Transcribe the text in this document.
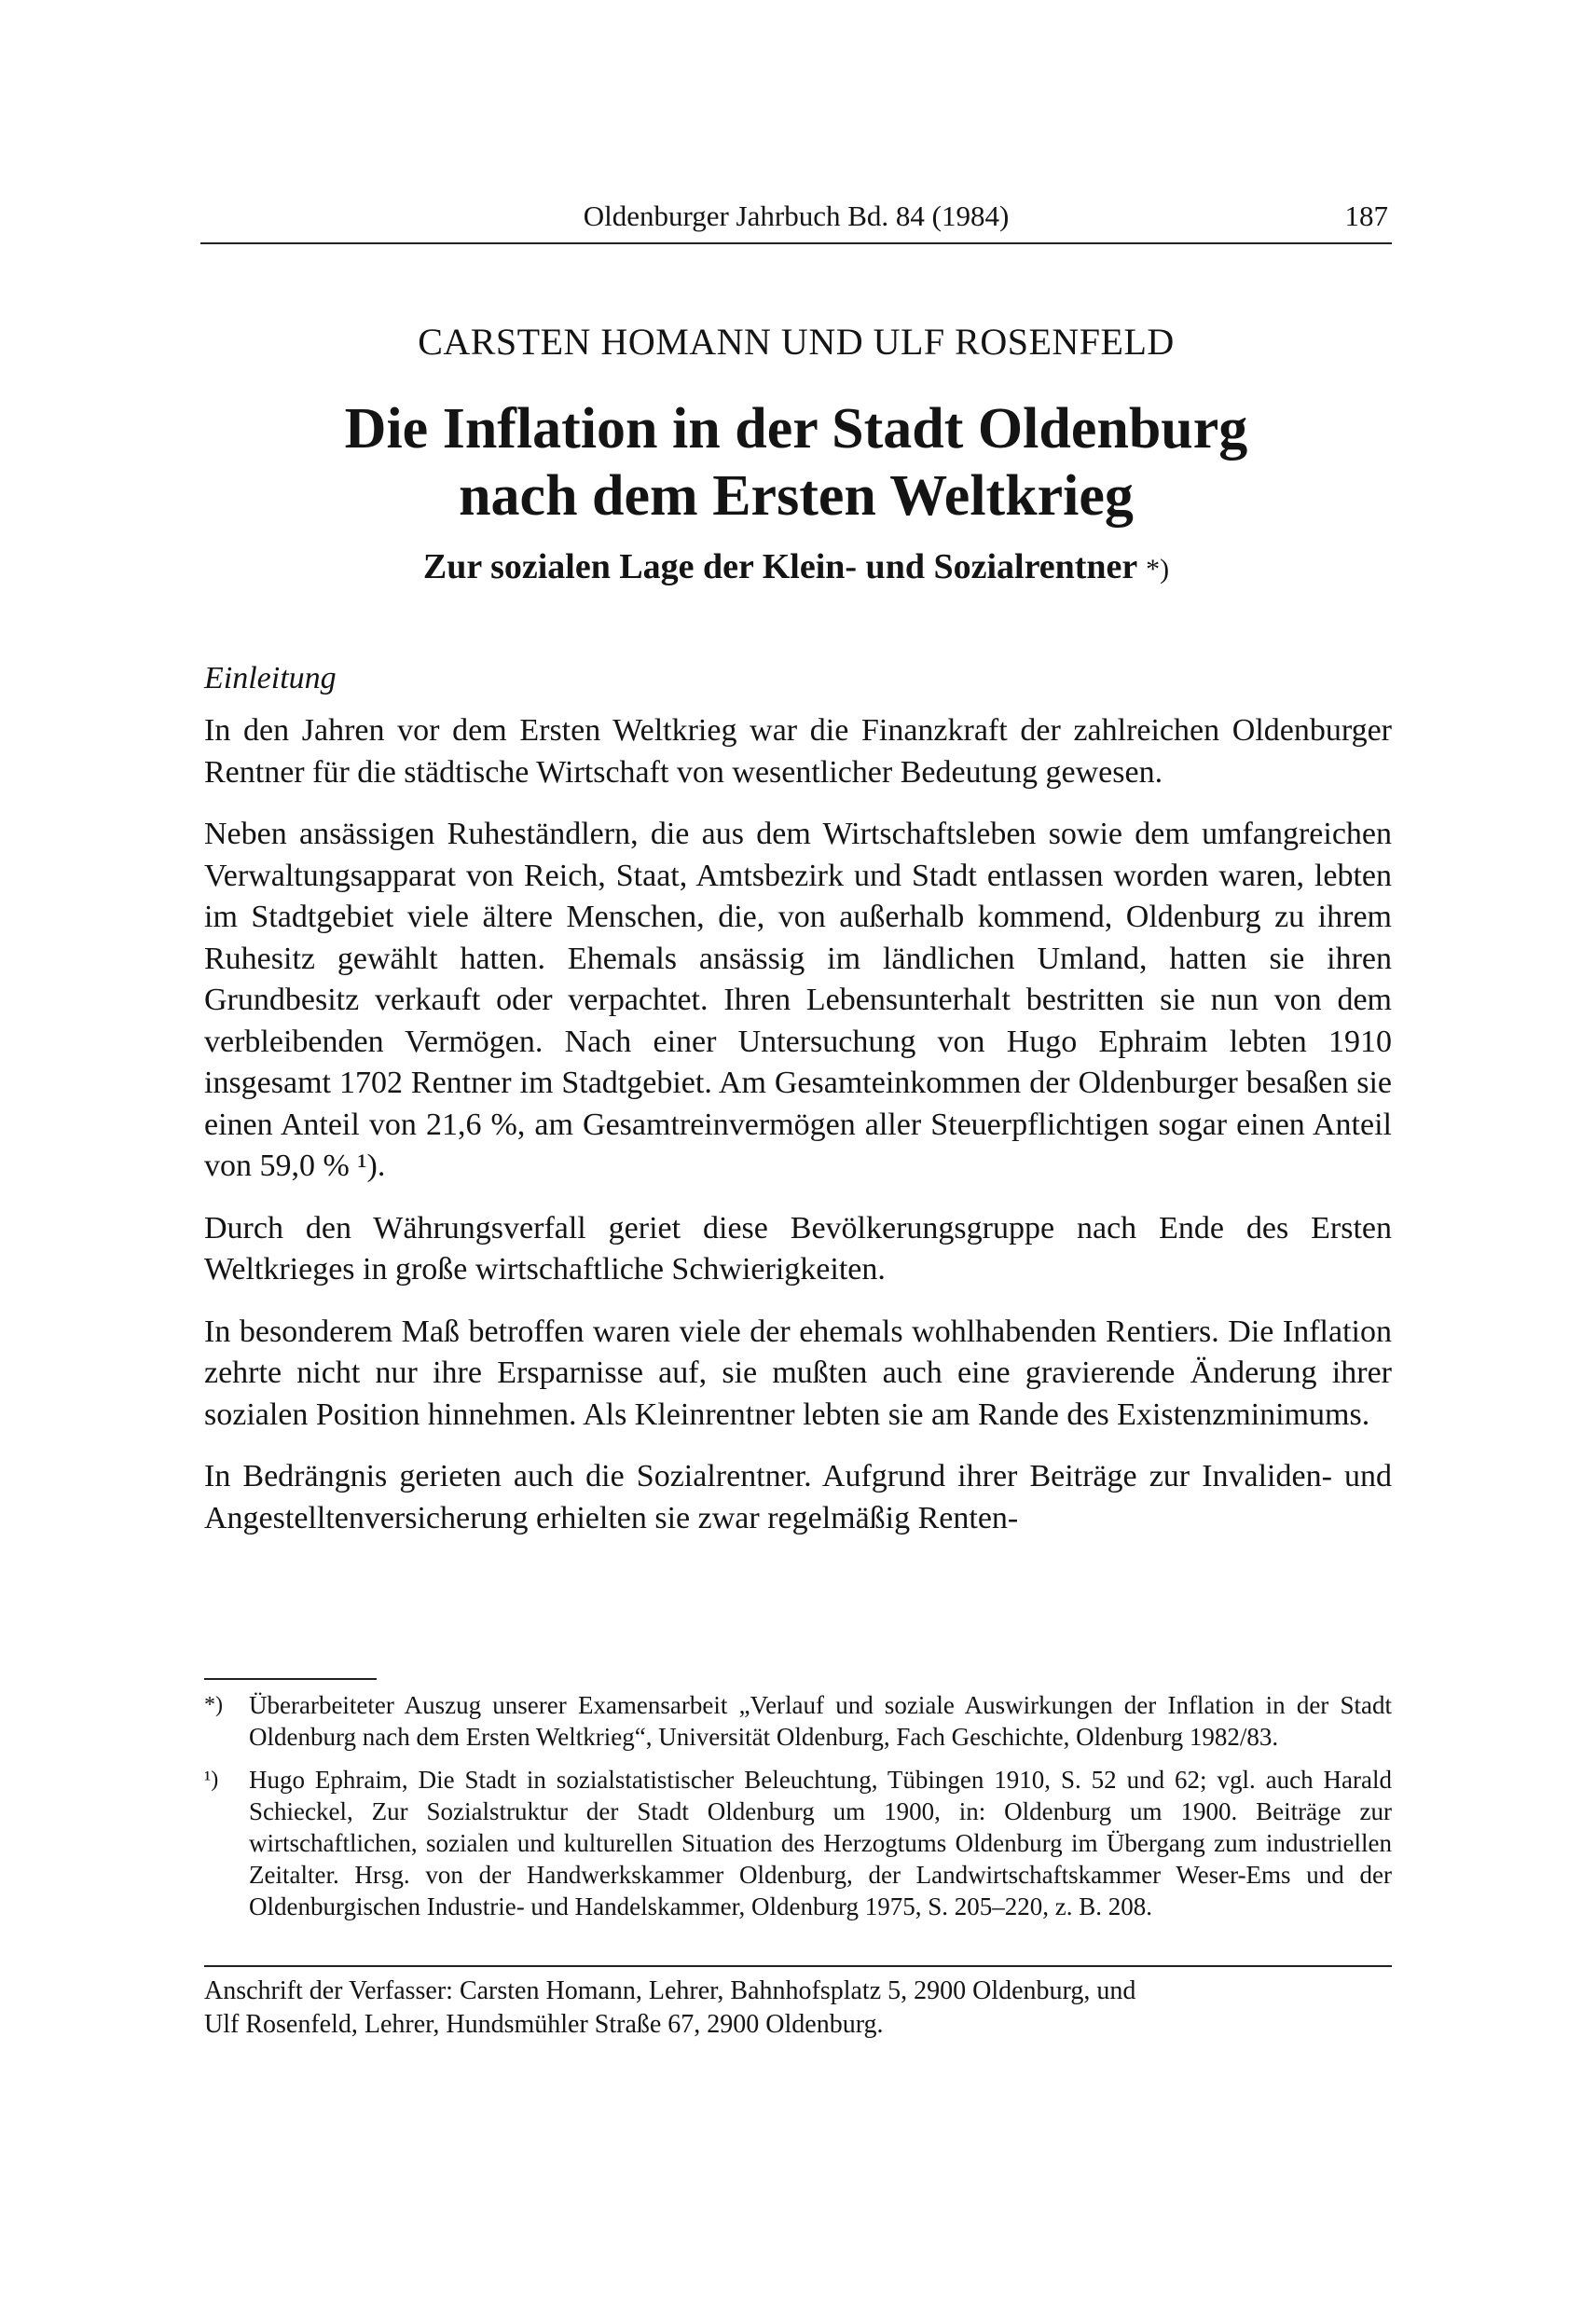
Oldenburger Jahrbuch Bd. 84 (1984)	187
CARSTEN HOMANN UND ULF ROSENFELD
Die Inflation in der Stadt Oldenburg
nach dem Ersten Weltkrieg
Zur sozialen Lage der Klein- und Sozialrentner *)
Einleitung

In den Jahren vor dem Ersten Weltkrieg war die Finanzkraft der zahlreichen Oldenburger Rentner für die städtische Wirtschaft von wesentlicher Bedeutung gewesen.

Neben ansässigen Ruheständlern, die aus dem Wirtschaftsleben sowie dem umfangreichen Verwaltungsapparat von Reich, Staat, Amtsbezirk und Stadt entlassen worden waren, lebten im Stadtgebiet viele ältere Menschen, die, von außerhalb kommend, Oldenburg zu ihrem Ruhesitz gewählt hatten. Ehemals ansässig im ländlichen Umland, hatten sie ihren Grundbesitz verkauft oder verpachtet. Ihren Lebensunterhalt bestritten sie nun von dem verbleibenden Vermögen. Nach einer Untersuchung von Hugo Ephraim lebten 1910 insgesamt 1702 Rentner im Stadtgebiet. Am Gesamteinkommen der Oldenburger besaßen sie einen Anteil von 21,6 %, am Gesamtreinvermögen aller Steuerpflichtigen sogar einen Anteil von 59,0 % ¹).

Durch den Währungsverfall geriet diese Bevölkerungsgruppe nach Ende des Ersten Weltkrieges in große wirtschaftliche Schwierigkeiten.

In besonderem Maß betroffen waren viele der ehemals wohlhabenden Rentiers. Die Inflation zehrte nicht nur ihre Ersparnisse auf, sie mußten auch eine gravierende Änderung ihrer sozialen Position hinnehmen. Als Kleinrentner lebten sie am Rande des Existenzminimums.

In Bedrängnis gerieten auch die Sozialrentner. Aufgrund ihrer Beiträge zur Invaliden- und Angestelltenversicherung erhielten sie zwar regelmäßig Renten-

*)	Überarbeiteter Auszug unserer Examensarbeit „Verlauf und soziale Auswirkungen der Inflation in der Stadt Oldenburg nach dem Ersten Weltkrieg“, Universität Oldenburg, Fach Geschichte, Oldenburg 1982/83.
¹)	Hugo Ephraim, Die Stadt in sozialstatistischer Beleuchtung, Tübingen 1910, S. 52 und 62; vgl. auch Harald Schieckel, Zur Sozialstruktur der Stadt Oldenburg um 1900, in: Oldenburg um 1900. Beiträge zur wirtschaftlichen, sozialen und kulturellen Situation des Herzogtums Oldenburg im Übergang zum industriellen Zeitalter. Hrsg. von der Handwerkskammer Oldenburg, der Landwirtschaftskammer Weser-Ems und der Oldenburgischen Industrie- und Handelskammer, Oldenburg 1975, S. 205–220, z. B. 208.
Anschrift der Verfasser: Carsten Homann, Lehrer, Bahnhofsplatz 5, 2900 Oldenburg, und
Ulf Rosenfeld, Lehrer, Hundsmühler Straße 67, 2900 Oldenburg.
